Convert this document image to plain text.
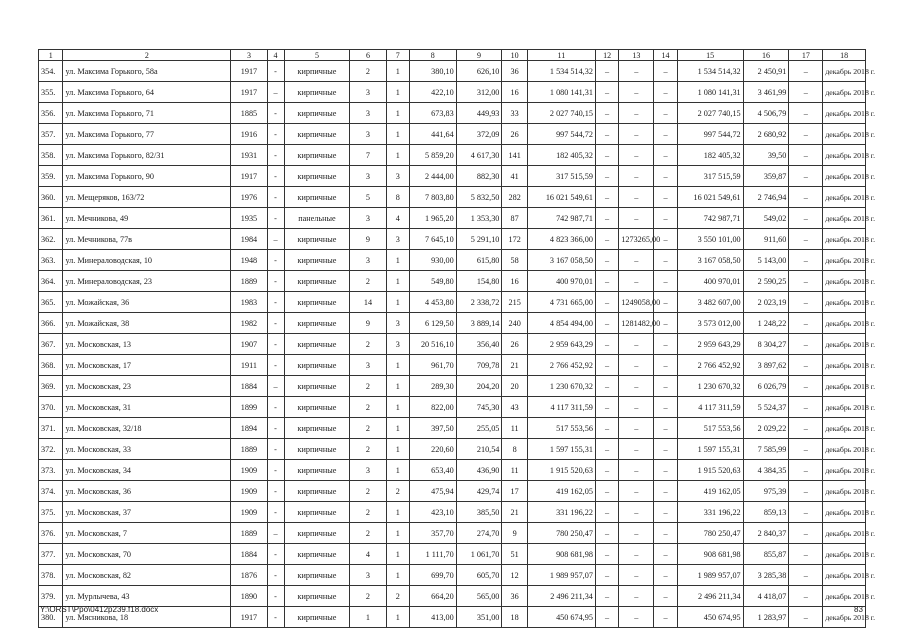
1	2	3	4	5	6	7	8	9	10	11	12	13	14	15	16	17	18
354.	ул. Максима Горького, 58а	1917	-	кирпичные	2	1	380,10	626,10	36	1 534 514,32	–	–	–	1 534 514,32	2 450,91	–	декабрь 2018 г.
355.	ул. Максима Горького, 64	1917	–	кирпичные	3	1	422,10	312,00	16	1 080 141,31	–	–	–	1 080 141,31	3 461,99	–	декабрь 2018 г.
356.	ул. Максима Горького, 71	1885	-	кирпичные	3	1	673,83	449,93	33	2 027 740,15	–	–	–	2 027 740,15	4 506,79	–	декабрь 2018 г.
357.	ул. Максима Горького, 77	1916	-	кирпичные	3	1	441,64	372,09	26	997 544,72	–	–	–	997 544,72	2 680,92	–	декабрь 2018 г.
358.	ул. Максима Горького, 82/31	1931	-	кирпичные	7	1	5 859,20	4 617,30	141	182 405,32	–	–	–	182 405,32	39,50	–	декабрь 2018 г.
359.	ул. Максима Горького, 90	1917	-	кирпичные	3	3	2 444,00	882,30	41	317 515,59	–	–	–	317 515,59	359,87	–	декабрь 2018 г.
360.	ул. Мещеряков, 163/72	1976	-	кирпичные	5	8	7 803,80	5 832,50	282	16 021 549,61	–	–	–	16 021 549,61	2 746,94	–	декабрь 2018 г.
361.	ул. Мечникова, 49	1935	-	панельные	3	4	1 965,20	1 353,30	87	742 987,71	–	–	–	742 987,71	549,02	–	декабрь 2018 г.
362.	ул. Мечникова, 77в	1984	–	кирпичные	9	3	7 645,10	5 291,10	172	4 823 366,00	–	1273265,00	–	3 550 101,00	911,60	–	декабрь 2018 г.
363.	ул. Минераловодская, 10	1948	-	кирпичные	3	1	930,00	615,80	58	3 167 058,50	–	–	–	3 167 058,50	5 143,00	–	декабрь 2018 г.
364.	ул. Минераловодская, 23	1889	-	кирпичные	2	1	549,80	154,80	16	400 970,01	–	–	–	400 970,01	2 590,25	–	декабрь 2018 г.
365.	ул. Можайская, 36	1983	-	кирпичные	14	1	4 453,80	2 338,72	215	4 731 665,00	–	1249058,00	–	3 482 607,00	2 023,19	–	декабрь 2018 г.
366.	ул. Можайская, 38	1982	-	кирпичные	9	3	6 129,50	3 889,14	240	4 854 494,00	–	1281482,00	–	3 573 012,00	1 248,22	–	декабрь 2018 г.
367.	ул. Московская, 13	1907	-	кирпичные	2	3	20 516,10	356,40	26	2 959 643,29	–	–	–	2 959 643,29	8 304,27	–	декабрь 2018 г.
368.	ул. Московская, 17	1911	-	кирпичные	3	1	961,70	709,78	21	2 766 452,92	–	–	–	2 766 452,92	3 897,62	–	декабрь 2018 г.
369.	ул. Московская, 23	1884	–	кирпичные	2	1	289,30	204,20	20	1 230 670,32	–	–	–	1 230 670,32	6 026,79	–	декабрь 2018 г.
370.	ул. Московская, 31	1899	-	кирпичные	2	1	822,00	745,30	43	4 117 311,59	–	–	–	4 117 311,59	5 524,37	–	декабрь 2018 г.
371.	ул. Московская, 32/18	1894	-	кирпичные	2	1	397,50	255,05	11	517 553,56	–	–	–	517 553,56	2 029,22	–	декабрь 2018 г.
372.	ул. Московская, 33	1889	-	кирпичные	2	1	220,60	210,54	8	1 597 155,31	–	–	–	1 597 155,31	7 585,99	–	декабрь 2018 г.
373.	ул. Московская, 34	1909	-	кирпичные	3	1	653,40	436,90	11	1 915 520,63	–	–	–	1 915 520,63	4 384,35	–	декабрь 2018 г.
374.	ул. Московская, 36	1909	-	кирпичные	2	2	475,94	429,74	17	419 162,05	–	–	–	419 162,05	975,39	–	декабрь 2018 г.
375.	ул. Московская, 37	1909	-	кирпичные	2	1	423,10	385,50	21	331 196,22	–	–	–	331 196,22	859,13	–	декабрь 2018 г.
376.	ул. Московская, 7	1889	–	кирпичные	2	1	357,70	274,70	9	780 250,47	–	–	–	780 250,47	2 840,37	–	декабрь 2018 г.
377.	ул. Московская, 70	1884	-	кирпичные	4	1	1 111,70	1 061,70	51	908 681,98	–	–	–	908 681,98	855,87	–	декабрь 2018 г.
378.	ул. Московская, 82	1876	-	кирпичные	3	1	699,70	605,70	12	1 989 957,07	–	–	–	1 989 957,07	3 285,38	–	декабрь 2018 г.
379.	ул. Мурлычева, 43	1890	-	кирпичные	2	2	664,20	565,00	36	2 496 211,34	–	–	–	2 496 211,34	4 418,07	–	декабрь 2018 г.
380.	ул. Мясникова, 18	1917	-	кирпичные	1	1	413,00	351,00	18	450 674,95	–	–	–	450 674,95	1 283,97	–	декабрь 2018 г.
Y:\ORST\Ppo\0412p239.f18.docx	83
